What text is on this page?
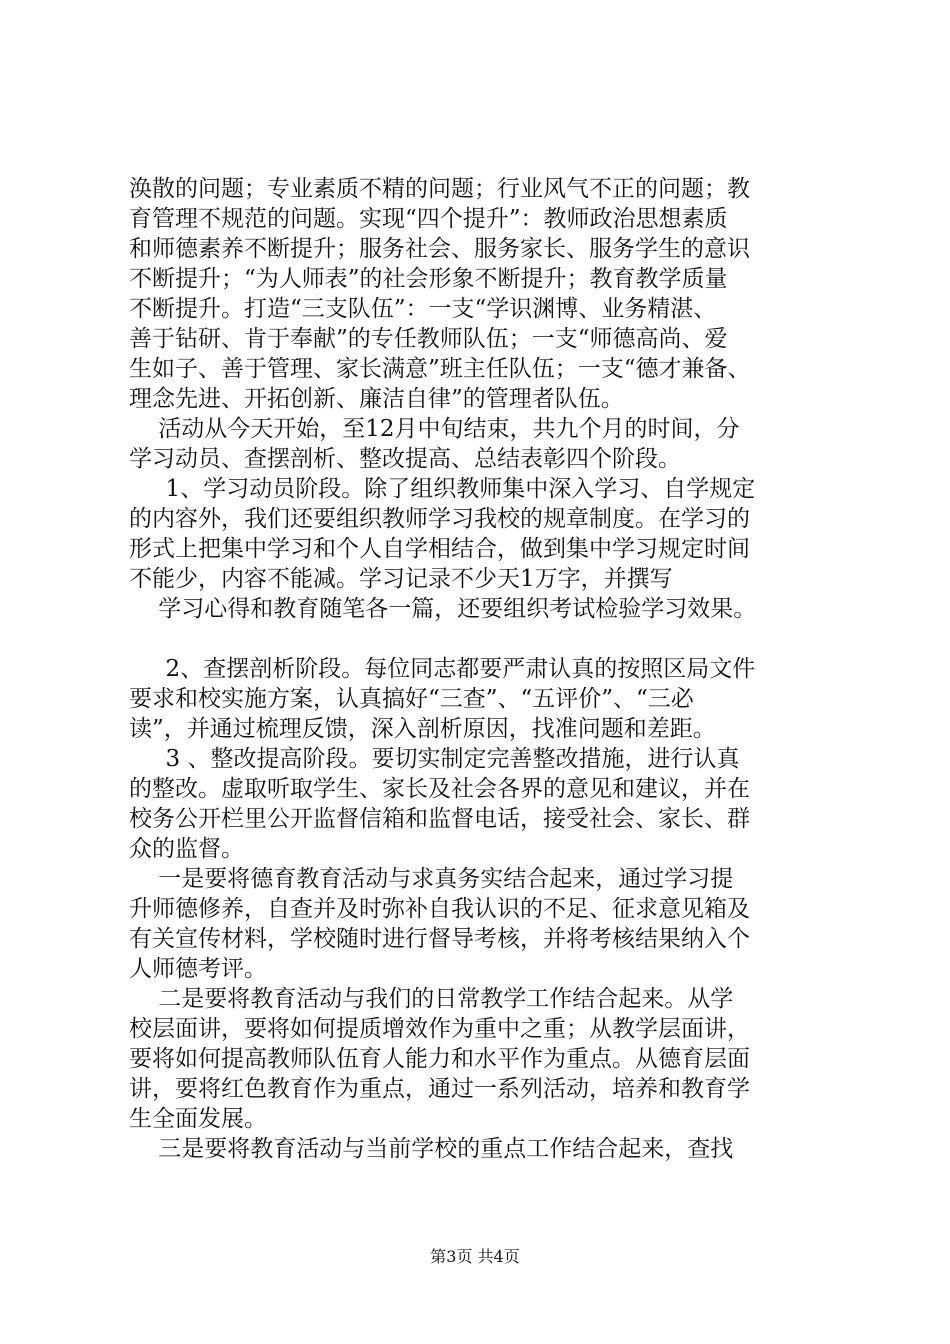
涣散的问题；专业素质不精的问题；行业风气不正的问题；教
育管理不规范的问题。实现“四个提升”：教师政治思想素质
和师德素养不断提升；服务社会、服务家长、服务学生的意识
不断提升；“为人师表”的社会形象不断提升；教育教学质量
不断提升。打造“三支队伍”：一支“学识渊博、业务精湛、
善于钻研、肯于奉献”的专任教师队伍；一支“师德高尚、爱
生如子、善于管理、家长满意”班主任队伍；一支“德才兼备、
理念先进、开拓创新、廉洁自律”的管理者队伍。
活动从今天开始，至12月中旬结束，共九个月的时间，分
学习动员、查摆剖析、整改提高、总结表彰四个阶段。
1、学习动员阶段。除了组织教师集中深入学习、自学规定
的内容外，我们还要组织教师学习我校的规章制度。在学习的
形式上把集中学习和个人自学相结合，做到集中学习规定时间
不能少，内容不能减。学习记录不少天1万字，并撰写
学习心得和教育随笔各一篇，还要组织考试检验学习效果。
2、查摆剖析阶段。每位同志都要严肃认真的按照区局文件
要求和校实施方案，认真搞好“三查”、“五评价”、“三必
读”，并通过梳理反馈，深入剖析原因，找准问题和差距。
3 、整改提高阶段。要切实制定完善整改措施，进行认真
的整改。虚取听取学生、家长及社会各界的意见和建议，并在
校务公开栏里公开监督信箱和监督电话，接受社会、家长、群
众的监督。
一是要将德育教育活动与求真务实结合起来，通过学习提
升师德修养，自查并及时弥补自我认识的不足、征求意见箱及
有关宣传材料，学校随时进行督导考核，并将考核结果纳入个
人师德考评。
二是要将教育活动与我们的日常教学工作结合起来。从学
校层面讲，要将如何提质增效作为重中之重；从教学层面讲，
要将如何提高教师队伍育人能力和水平作为重点。从德育层面
讲，要将红色教育作为重点，通过一系列活动，培养和教育学
生全面发展。
三是要将教育活动与当前学校的重点工作结合起来，查找
第3页 共4页
